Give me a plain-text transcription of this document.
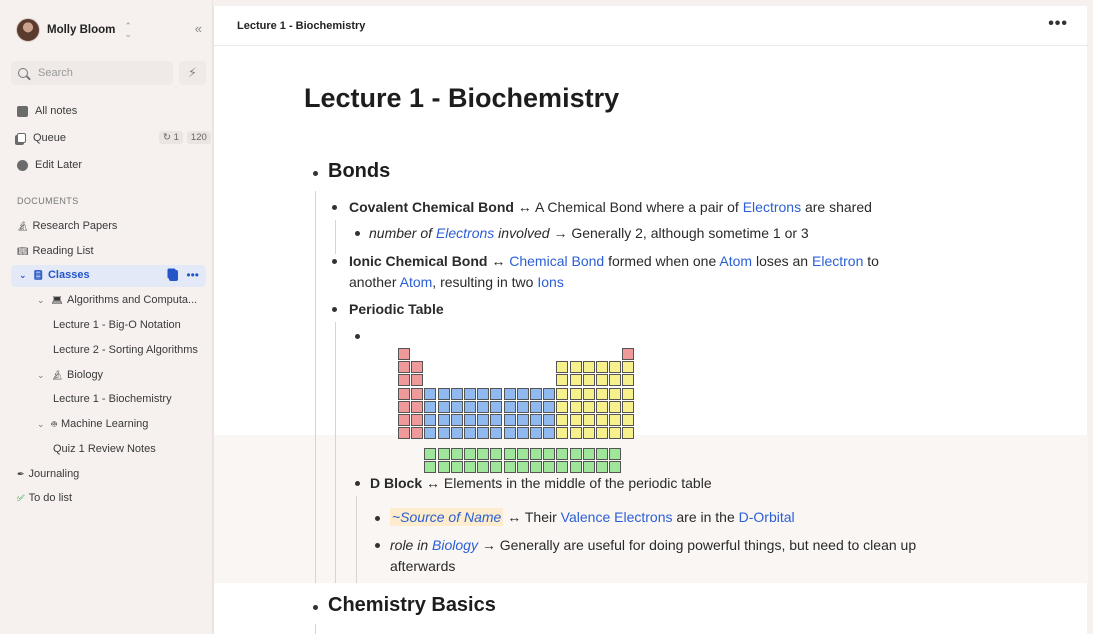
Molly Bloom ⌃
⌄	«
Search	⚡︎
All notes
Queue	↻ 1	120
Edit Later
DOCUMENTS
🔬︎ Research Papers
📖︎ Reading List
⌄ 📘︎ Classes	•••
⌄ 💻︎ Algorithms and Computa...
Lecture 1 - Big-O Notation
Lecture 2 - Sorting Algorithms
⌄ 🔬︎ Biology
Lecture 1 - Biochemistry
⌄ 🤖︎ Machine Learning
Quiz 1 Review Notes
✒︎ Journaling
✅︎ To do list
Lecture 1 - Biochemistry	•••
Lecture 1 - Biochemistry
Bonds
Covalent Chemical Bond ↔ A Chemical Bond where a pair of Electrons are shared
number of Electrons involved → Generally 2, although sometime 1 or 3
Ionic Chemical Bond ↔ Chemical Bond formed when one Atom loses an Electron to
another Atom, resulting in two Ions
Periodic Table
D Block ↔ Elements in the middle of the periodic table
~Source of Name ↔ Their Valence Electrons are in the D-Orbital
role in Biology → Generally are useful for doing powerful things, but need to clean up
afterwards
Chemistry Basics
